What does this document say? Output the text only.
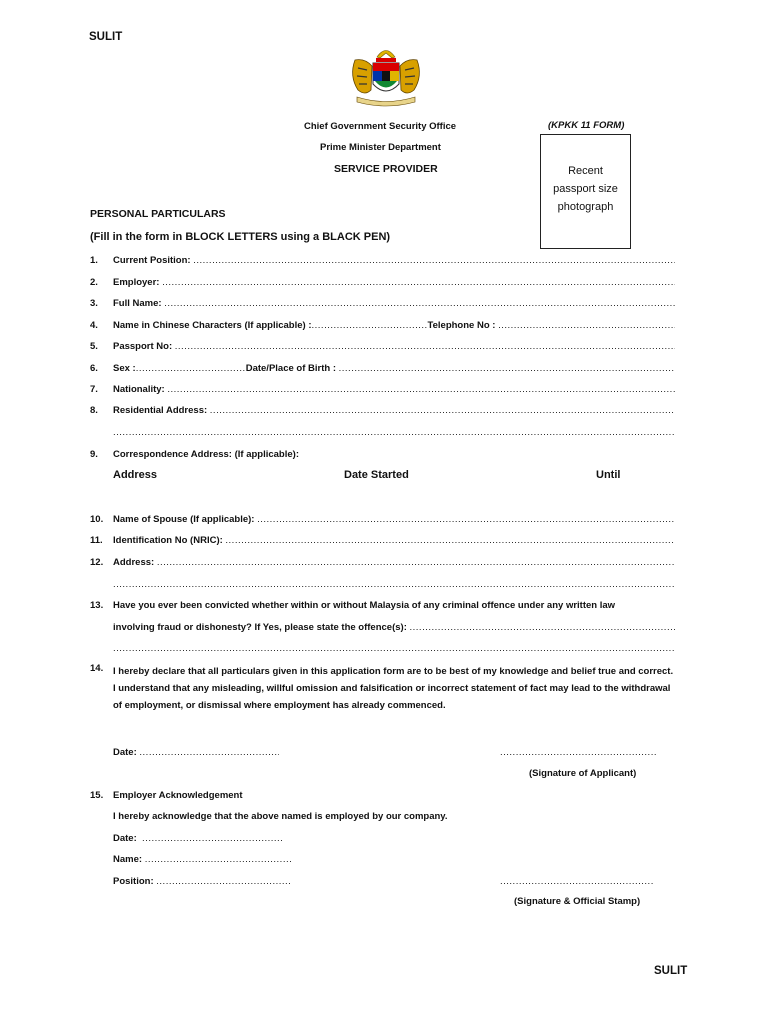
SULIT
Chief Government Security Office
Prime Minister Department
SERVICE PROVIDER
(KPKK 11 FORM)
Recent
passport size
photograph
PERSONAL PARTICULARS
(Fill in the form in BLOCK LETTERS using a BLACK PEN)
1.	Current Position:

.....
2.	Employer:

.....
3.	Full Name:

.....
4.	Name in Chinese Characters (If applicable) : .....	Telephone No :

.....
5.	Passport No:

.....
6.	Sex : .....	Date/Place of Birth :

.....
7.	Nationality:

.....
8.	Residential Address:

.....
.....
9.	Correspondence Address: (If applicable):
Address	Date Started	Until
10.	Name of Spouse (If applicable):

.....
11.	Identification No (NRIC):

.....
12.	Address:

.....
.....
13.	Have you ever been convicted whether within or without Malaysia of any criminal offence under any written law
involving fraud or dishonesty? If Yes, please state the offence(s):

.....
.....
14.	I hereby declare that all particulars given in this application form are to be best of my knowledge and belief true and correct. I understand that any misleading, willful omission and falsification or incorrect statement of fact may lead to the withdrawal of employment, or dismissal where employment has already commenced.
Date:

.....
.....
(Signature of Applicant)
15.	Employer Acknowledgement
I hereby acknowledge that the above named is employed by our company.
Date:

.....
Name:

.....
Position:

.....
.....
(Signature & Official Stamp)
SULIT
